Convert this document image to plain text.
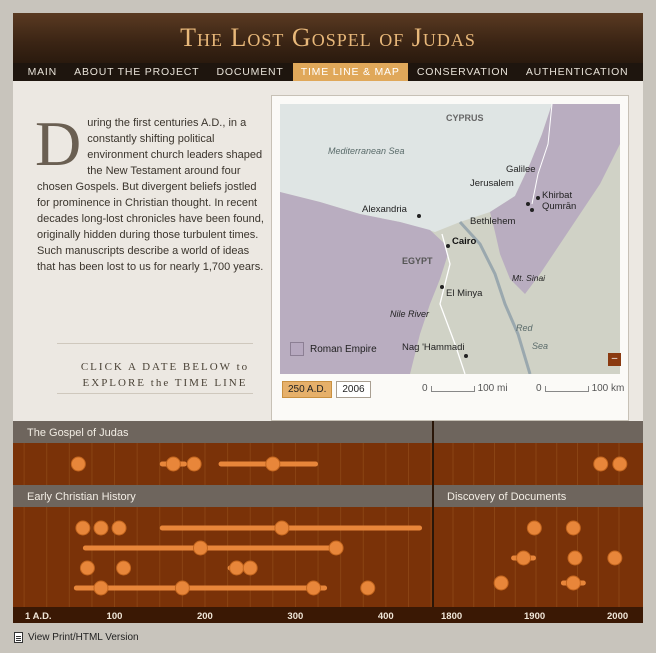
The Lost Gospel of Judas
MAIN	ABOUT THE PROJECT	DOCUMENT	TIME LINE & MAP	CONSERVATION	AUTHENTICATION
During the first centuries A.D., in a constantly shifting political environment church leaders shaped the New Testament around four chosen Gospels. But divergent beliefs jostled for prominence in Christian thought. In recent decades long-lost chronicles have been found, originally hidden during those turbulent times. Such manuscripts describe a world of ideas that has been lost to us for nearly 1,700 years.
CLICK A DATE BELOW to
EXPLORE the TIME LINE
CYPRUS
Mediterranean Sea
Galilee
Jerusalem
Khirbat
Qumrān
Alexandria
Bethlehem
Cairo
EGYPT
Mt. Sinai
El Minya
Nile River
Red
Sea
Nag 'Hammadi
Roman Empire
–
250 A.D.	2006	0	100 mi	0	100 km
The Gospel of Judas
Early Christian History	Discovery of Documents
1 A.D.	100	200	300	400	1800	1900	2000
View Print/HTML Version
